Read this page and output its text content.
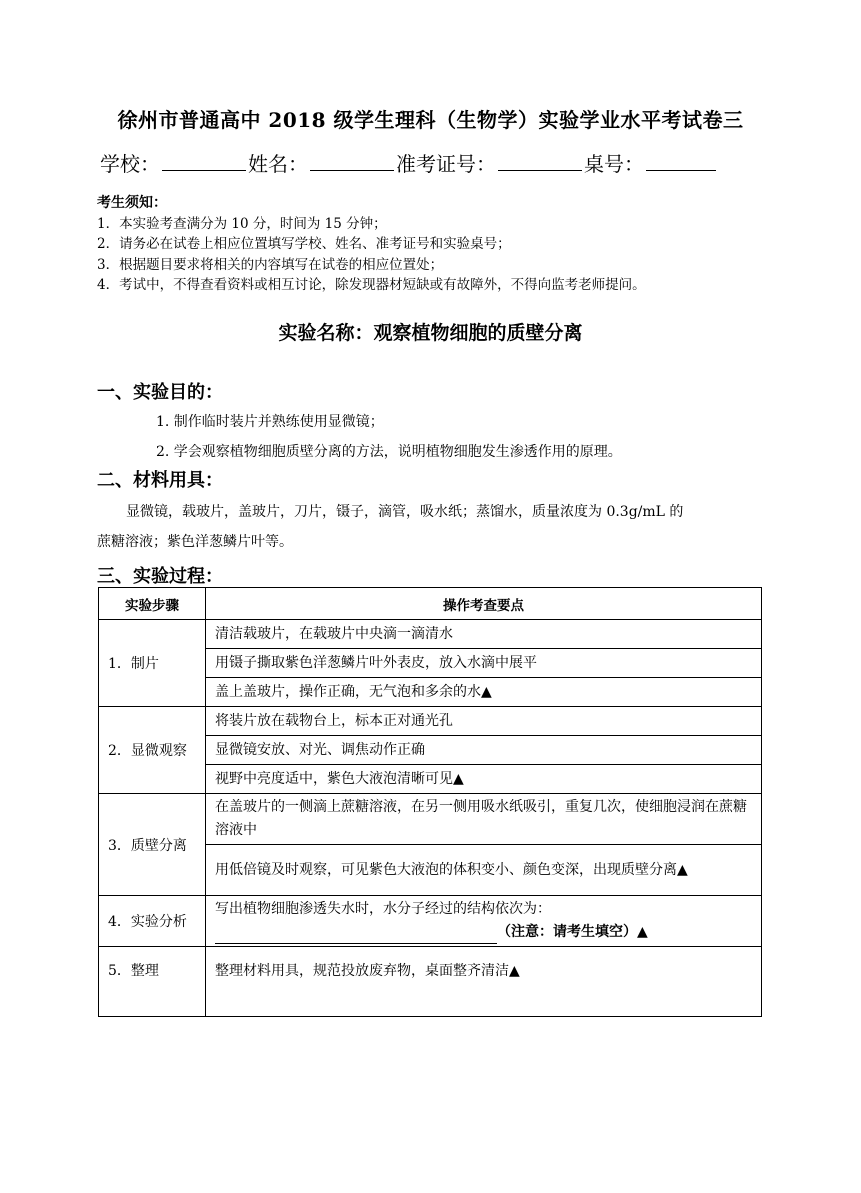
徐州市普通高中 2018 级学生理科（生物学）实验学业水平考试卷三
学校：	姓名：	准考证号：	桌号：
考生须知：
1．本实验考查满分为 10 分，时间为 15 分钟；
2．请务必在试卷上相应位置填写学校、姓名、准考证号和实验桌号；
3．根据题目要求将相关的内容填写在试卷的相应位置处；
4．考试中，不得查看资料或相互讨论，除发现器材短缺或有故障外，不得向监考老师提问。
实验名称：观察植物细胞的质壁分离
一、实验目的：
1. 制作临时装片并熟练使用显微镜；
2. 学会观察植物细胞质壁分离的方法，说明植物细胞发生渗透作用的原理。
二、材料用具：
显微镜，载玻片，盖玻片，刀片，镊子，滴管，吸水纸；蒸馏水，质量浓度为 0.3g/mL 的
蔗糖溶液；紫色洋葱鳞片叶等。
三、实验过程：
实验步骤	操作考查要点
1．制片	清洁载玻片，在载玻片中央滴一滴清水
	用镊子撕取紫色洋葱鳞片叶外表皮，放入水滴中展平
	盖上盖玻片，操作正确，无气泡和多余的水▲
2．显微观察	将装片放在载物台上，标本正对通光孔
	显微镜安放、对光、调焦动作正确
	视野中亮度适中，紫色大液泡清晰可见▲
3．质壁分离	在盖玻片的一侧滴上蔗糖溶液，在另一侧用吸水纸吸引，重复几次，使细胞浸润在蔗糖溶液中
	用低倍镜及时观察，可见紫色大液泡的体积变小、颜色变深，出现质壁分离▲
4．实验分析	写出植物细胞渗透失水时，水分子经过的结构依次为：
（注意：请考生填空）▲

5．整理	整理材料用具，规范投放废弃物，桌面整齐清洁▲
